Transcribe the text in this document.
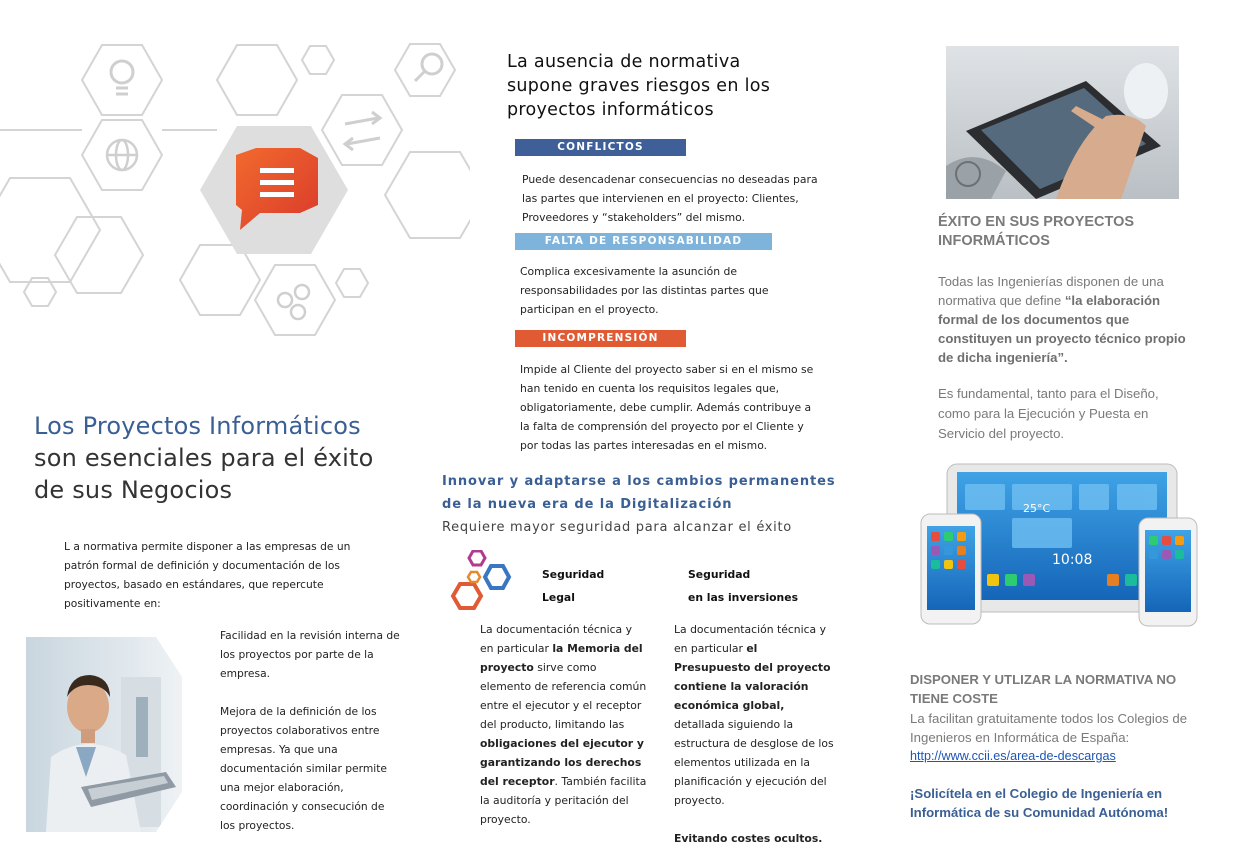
Los Proyectos Informáticos
son esenciales para el éxito
de sus Negocios
L a normativa permite disponer a las empresas de un patrón formal de definición y documentación de los proyectos, basado en estándares, que repercute positivamente en:

Facilidad en la revisión interna de los proyectos por parte de la empresa.

Mejora de la definición de los proyectos colaborativos entre empresas. Ya que una documentación similar permite una mejor elaboración, coordinación y consecución de los proyectos.

La ausencia de normativa supone graves riesgos en los proyectos informáticos
CONFLICTOS
Puede desencadenar consecuencias no deseadas para las partes que intervienen en el proyecto: Clientes, Proveedores y “stakeholders” del mismo.
FALTA DE RESPONSABILIDAD
Complica excesivamente la asunción de responsabilidades por las distintas partes que participan en el proyecto.
INCOMPRENSIÓN
Impide al Cliente del proyecto saber si en el mismo se han tenido en cuenta los requisitos legales que, obligatoriamente, debe cumplir. Además contribuye a la falta de comprensión del proyecto por el Cliente y por todas las partes interesadas en el mismo.
Innovar y adaptarse a los cambios permanentes
de la nueva era de la Digitalización
Requiere mayor seguridad para alcanzar el éxito
Seguridad
Legal
Seguridad
en las inversiones
La documentación técnica y en particular la Memoria del proyecto sirve como elemento de referencia común entre el ejecutor y el receptor del producto, limitando las obligaciones del ejecutor y garantizando los derechos del receptor. También facilita la auditoría y peritación del proyecto.

La documentación técnica y en particular el Presupuesto del proyecto contiene la valoración económica global, detallada siguiendo la estructura de desglose de los elementos utilizada en la planificación y ejecución del proyecto.

Evitando costes ocultos.

ÉXITO EN SUS PROYECTOS INFORMÁTICOS
Todas las Ingenierías disponen de una normativa que define “la elaboración formal de los documentos que constituyen un proyecto técnico propio de dicha ingeniería”.
Es fundamental, tanto para el Diseño, como para la Ejecución y Puesta en Servicio del proyecto.
25°C
10:08
DISPONER Y UTLIZAR LA NORMATIVA NO TIENE COSTE
La facilitan gratuitamente todos los Colegios de Ingenieros en Informática de España:
http://www.ccii.es/area-de-descargas
¡Solicítela en el Colegio de Ingeniería en Informática de su Comunidad Autónoma!
